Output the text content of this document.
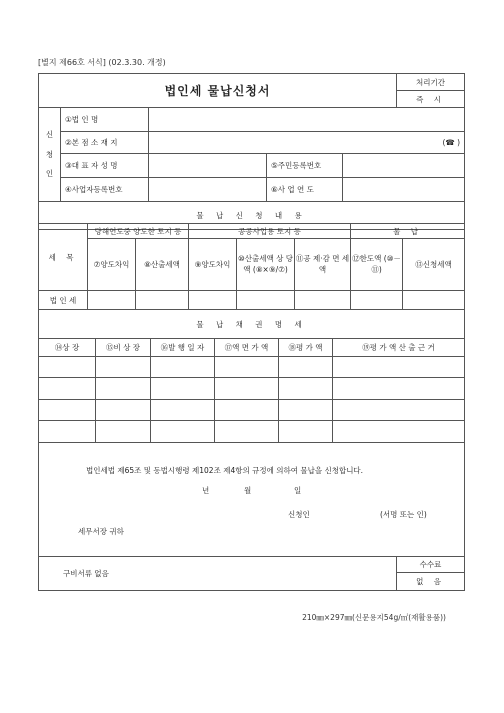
[별지 제66호 서식] (02.3.30. 개정)
법인세 물납신청서					처리기간
					즉 시
신
청
인	①법 인 명				
	②본 점 소 재 지	(☎ )			
	③대 표 자 성 명		⑤주민등록번호		
	④사업자등록번호		⑥사 업 연 도		
물 납 신 청 내 용					
세 목	당해연도중 양도한 토지 등		공공사업용 토지 등			물 납	
	⑦양도차익	⑧산출세액	⑨양도차익	⑩산출세액 상 당 액 (⑧×⑨/⑦)	⑪공 제·감 면 세 액	⑫한도액 (⑩－⑪)	⑬신청세액
법 인 세							
물 납 채 권 명 세							
⑭상 장	⑮비 상 장	⑯발 행 일 자	⑰액 면 가 액	⑱평 가 액	⑲평 가 액 산 출 근 거

법인세법 제65조 및 동법시행령 제102조 제4항의 규정에 의하여 물납을 신청합니다.
년	월	일
신청인	(서명 또는 인)
세무서장 귀하
구비서류 없음	수수료
없 음
210㎜×297㎜(신문용지54g/㎡(재활용품))
